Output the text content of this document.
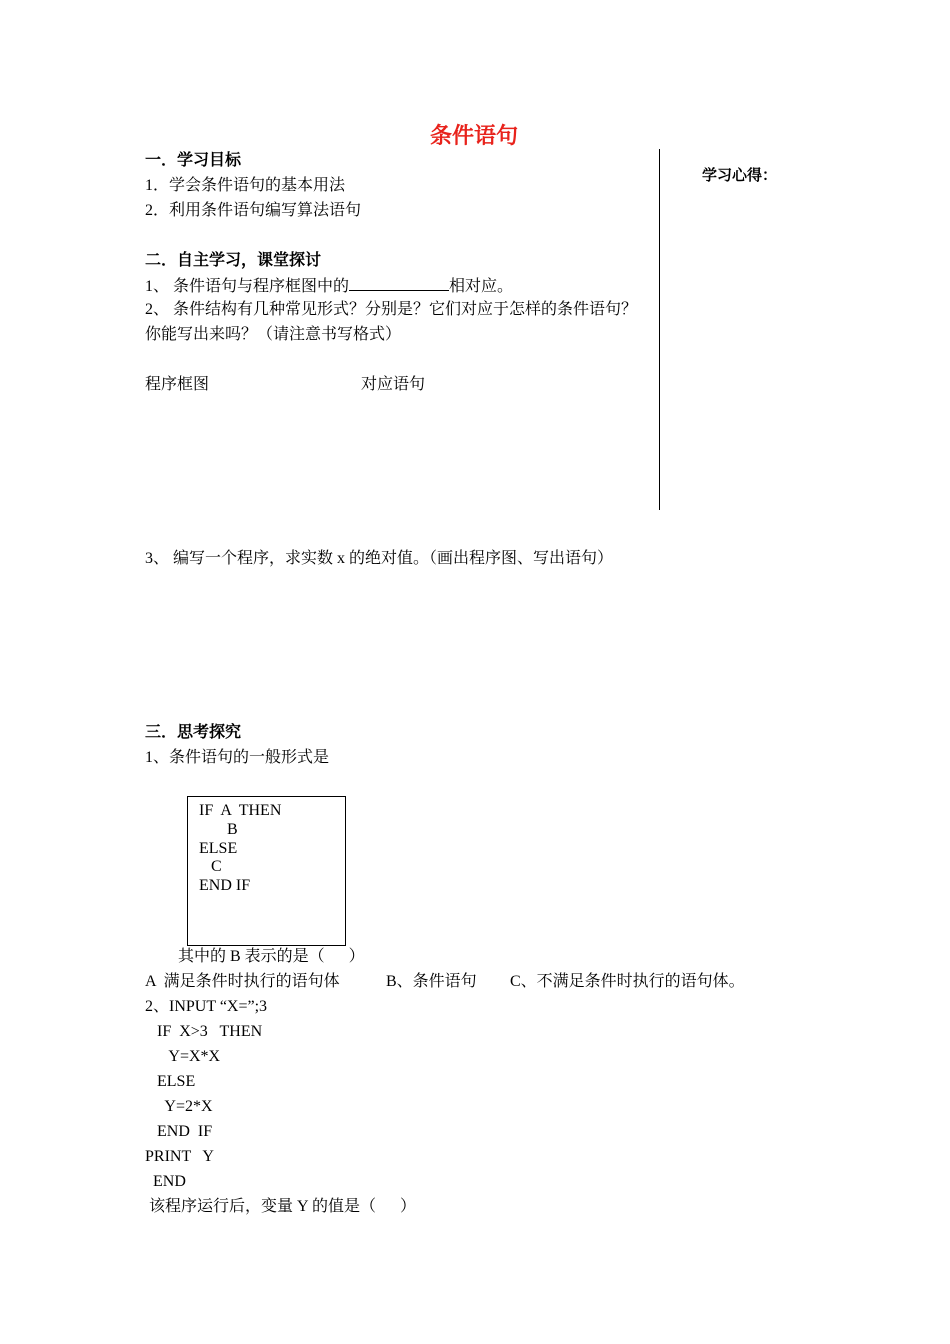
条件语句
学习心得：
一．学习目标
1．学会条件语句的基本用法
2．利用条件语句编写算法语句
二．自主学习，课堂探讨
1、 条件语句与程序框图中的	相对应。
2、 条件结构有几种常见形式？分别是？它们对应于怎样的条件语句？
你能写出来吗？（请注意书写格式）
程序框图	对应语句
3、 编写一个程序，求实数 x 的绝对值。（画出程序图、写出语句）
三．思考探究
1、条件语句的一般形式是
IF  A  THEN
B
ELSE
C
END IF
其中的 B 表示的是（      ）
A  满足条件时执行的语句体	B、条件语句 C、不满足条件时执行的语句体。
2、INPUT “X=”;3
IF  X>3   THEN
Y=X*X
ELSE
Y=2*X
END  IF
PRINT   Y
END
该程序运行后，变量 Y 的值是（      ）
